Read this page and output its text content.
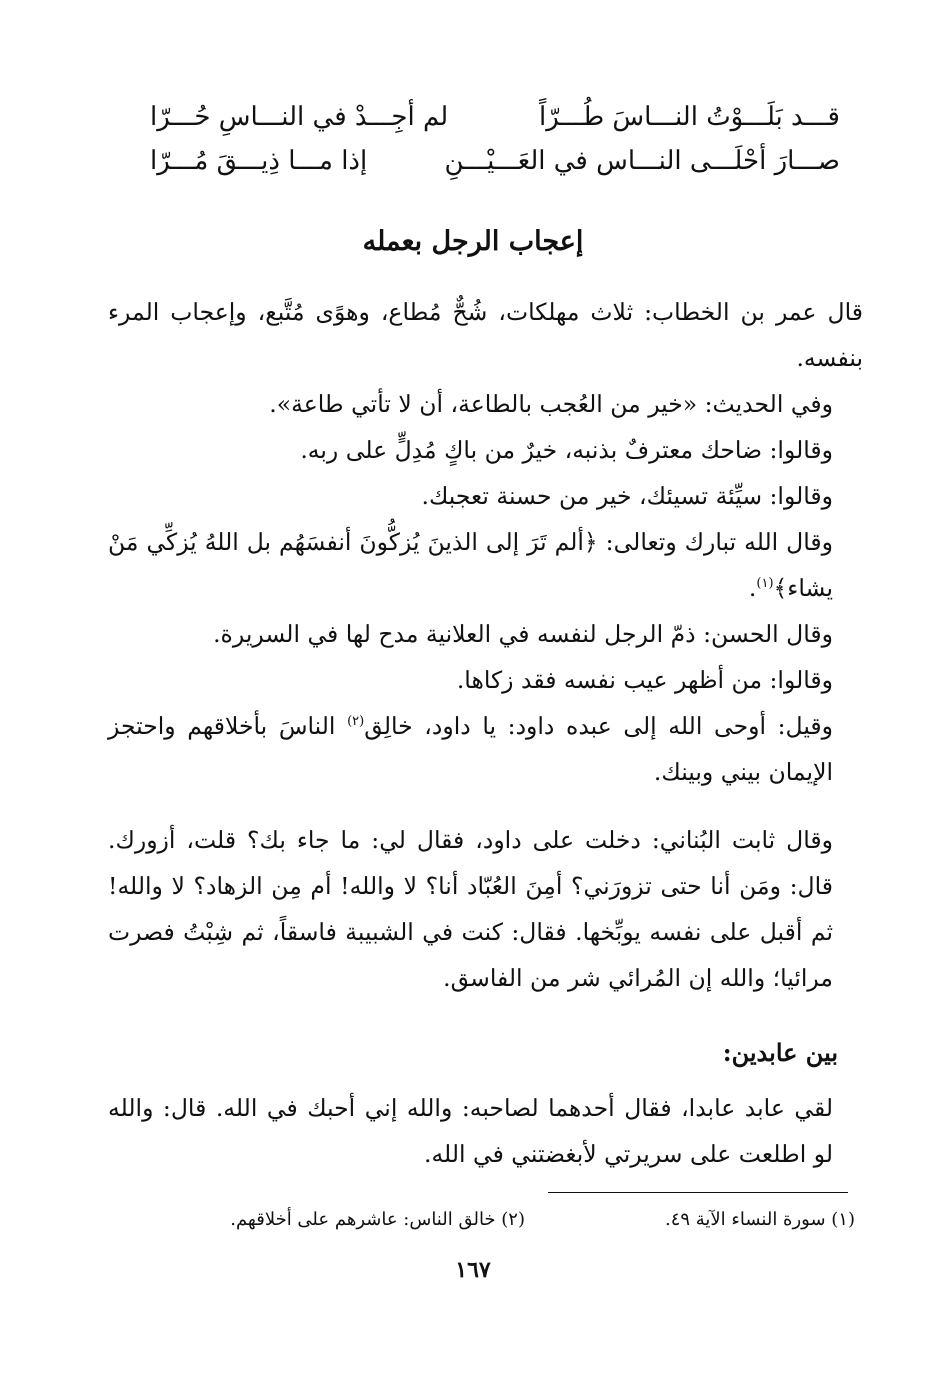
قـــد بَلَـــوْتُ النـــاسَ طُـــرّاً
لم أجِـــدْ في النـــاسِ حُـــرّا
صـــارَ أحْلَـــى النـــاس في العَـــيْـــنِ
إذا مـــا ذِيـــقَ مُـــرّا
إعجاب الرجل بعمله

قال عمر بن الخطاب: ثلاث مهلكات، شُحٌّ مُطاع، وهوًى مُتَّبع، وإعجاب المرء بنفسه.

وفي الحديث: «خير من العُجب بالطاعة، أن لا تأتي طاعة».

وقالوا: ضاحك معترفٌ بذنبه، خيرٌ من باكٍ مُدِلٍّ على ربه.

وقالوا: سيِّئة تسيئك، خير من حسنة تعجبك.

وقال الله تبارك وتعالى: ﴿ألم تَرَ إلى الذينَ يُزكُّونَ أنفسَهُم بل اللهُ يُزكِّي مَنْ يشاء﴾$^{(١)}$.

وقال الحسن: ذمّ الرجل لنفسه في العلانية مدح لها في السريرة.

وقالوا: من أظهر عيب نفسه فقد زكاها.

وقيل: أوحى الله إلى عبده داود: يا داود، خالِق$^{(٢)}$ الناسَ بأخلاقهم واحتجز الإيمان بيني وبينك.

وقال ثابت البُناني: دخلت على داود، فقال لي: ما جاء بك؟ قلت، أزورك. قال: ومَن أنا حتى تزورَني؟ أمِنَ العُبّاد أنا؟ لا والله! أم مِن الزهاد؟ لا والله! ثم أقبل على نفسه يوبِّخها. فقال: كنت في الشبيبة فاسقاً، ثم شِبْتُ فصرت مرائيا؛ والله إن المُرائي شر من الفاسق.

بين عابدين:

لقي عابد عابدا، فقال أحدهما لصاحبه: والله إني أحبك في الله. قال: والله لو اطلعت على سريرتي لأبغضتني في الله.

(١) سورة النساء الآية ٤٩.
(٢) خالق الناس: عاشرهم على أخلاقهم.
١٦٧
